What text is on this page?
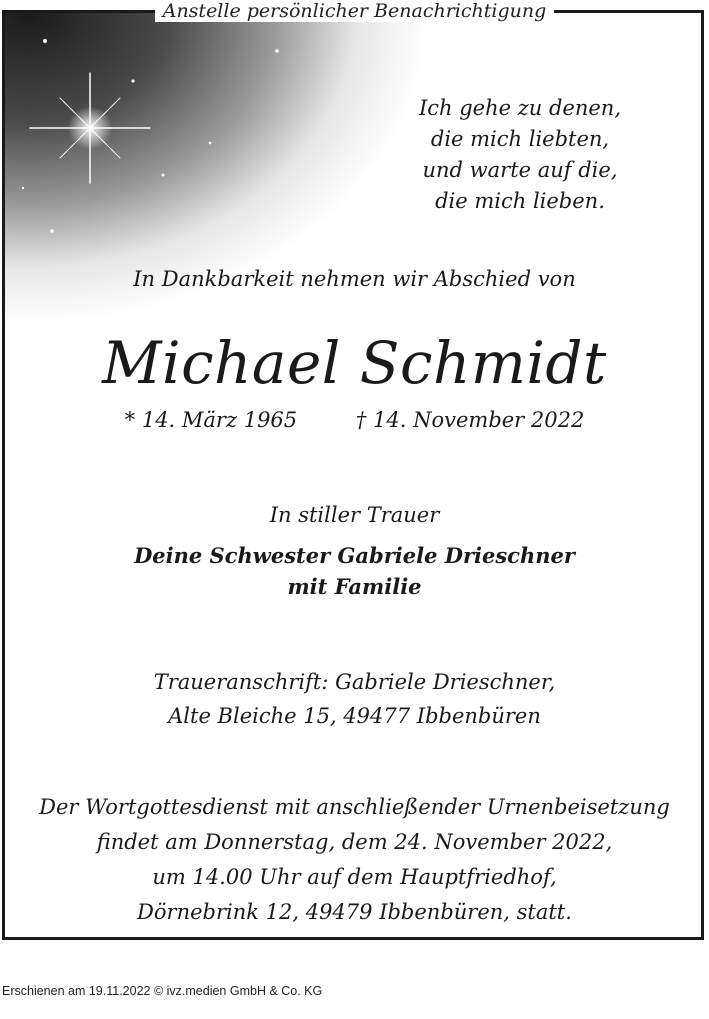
Ich gehe zu denen,
die mich liebten,
und warte auf die,
die mich lieben.
Anstelle persönlicher Benachrichtigung
In Dankbarkeit nehmen wir Abschied von
Michael Schmidt
* 14. März 1965	† 14. November 2022
In stiller Trauer
Deine Schwester Gabriele Drieschner
mit Familie
Traueranschrift: Gabriele Drieschner,
Alte Bleiche 15, 49477 Ibbenbüren
Der Wortgottesdienst mit anschließender Urnenbeisetzung
findet am Donnerstag, dem 24. November 2022,
um 14.00 Uhr auf dem Hauptfriedhof,
Dörnebrink 12, 49479 Ibbenbüren, statt.
Erschienen am 19.11.2022 © ivz.medien GmbH & Co. KG
